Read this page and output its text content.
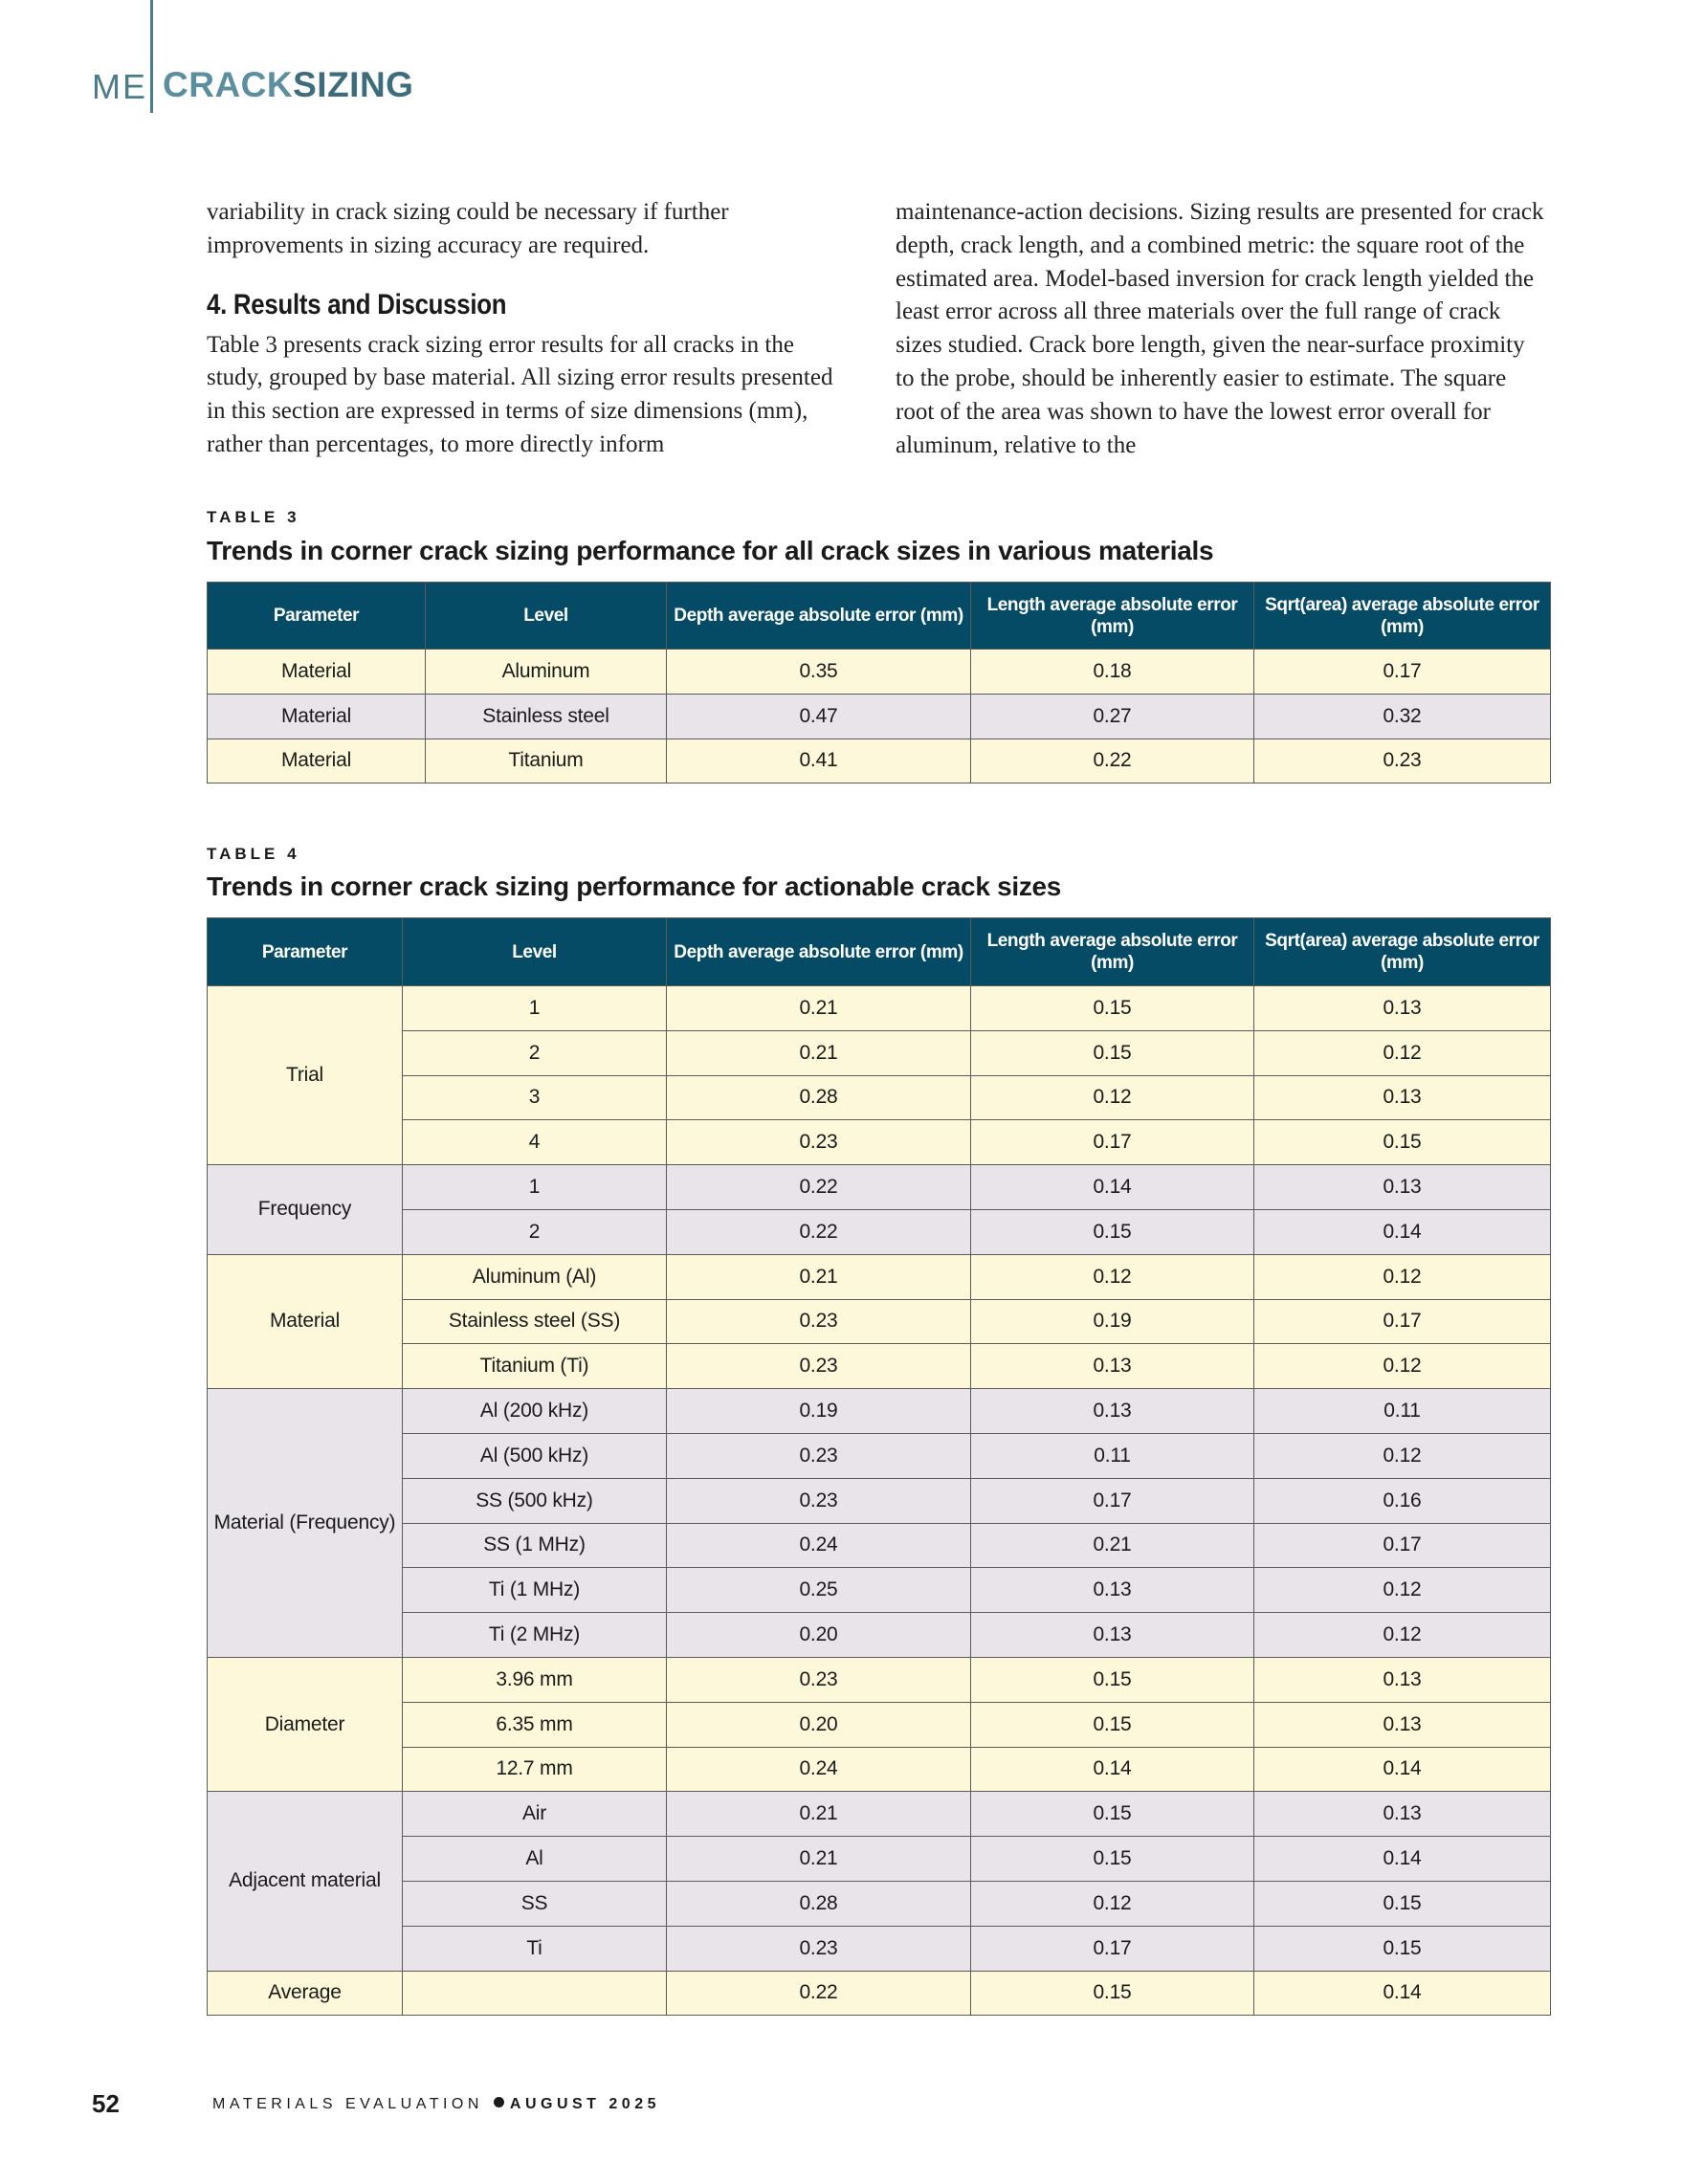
ME CRACKSIZING

variability in crack sizing could be necessary if further improvements in sizing accuracy are required.

4. Results and Discussion

Table 3 presents crack sizing error results for all cracks in the study, grouped by base material. All sizing error results presented in this section are expressed in terms of size dimensions (mm), rather than percentages, to more directly inform

maintenance-action decisions. Sizing results are presented for crack depth, crack length, and a combined metric: the square root of the estimated area. Model-based inversion for crack length yielded the least error across all three materials over the full range of crack sizes studied. Crack bore length, given the near-surface proximity to the probe, should be inherently easier to estimate. The square root of the area was shown to have the lowest error overall for aluminum, relative to the

TABLE 3
Trends in corner crack sizing performance for all crack sizes in various materials
Parameter	Level	Depth average absolute error (mm)	Length average absolute error (mm)	Sqrt(area) average absolute error (mm)
Material	Aluminum	0.35	0.18	0.17
Material	Stainless steel	0.47	0.27	0.32
Material	Titanium	0.41	0.22	0.23
TABLE 4
Trends in corner crack sizing performance for actionable crack sizes
Parameter	Level	Depth average absolute error (mm)	Length average absolute error (mm)	Sqrt(area) average absolute error (mm)
Trial	1	0.21	0.15	0.13
	2	0.21	0.15	0.12
	3	0.28	0.12	0.13
	4	0.23	0.17	0.15
Frequency	1	0.22	0.14	0.13
	2	0.22	0.15	0.14
Material	Aluminum (Al)	0.21	0.12	0.12
	Stainless steel (SS)	0.23	0.19	0.17
	Titanium (Ti)	0.23	0.13	0.12
Material (Frequency)	Al (200 kHz)	0.19	0.13	0.11
	Al (500 kHz)	0.23	0.11	0.12
	SS (500 kHz)	0.23	0.17	0.16
	SS (1 MHz)	0.24	0.21	0.17
	Ti (1 MHz)	0.25	0.13	0.12
	Ti (2 MHz)	0.20	0.13	0.12
Diameter	3.96 mm	0.23	0.15	0.13
	6.35 mm	0.20	0.15	0.13
	12.7 mm	0.24	0.14	0.14
Adjacent material	Air	0.21	0.15	0.13
	Al	0.21	0.15	0.14
	SS	0.28	0.12	0.15
	Ti	0.23	0.17	0.15
Average		0.22	0.15	0.14
52	MATERIALS EVALUATION AUGUST 2025
